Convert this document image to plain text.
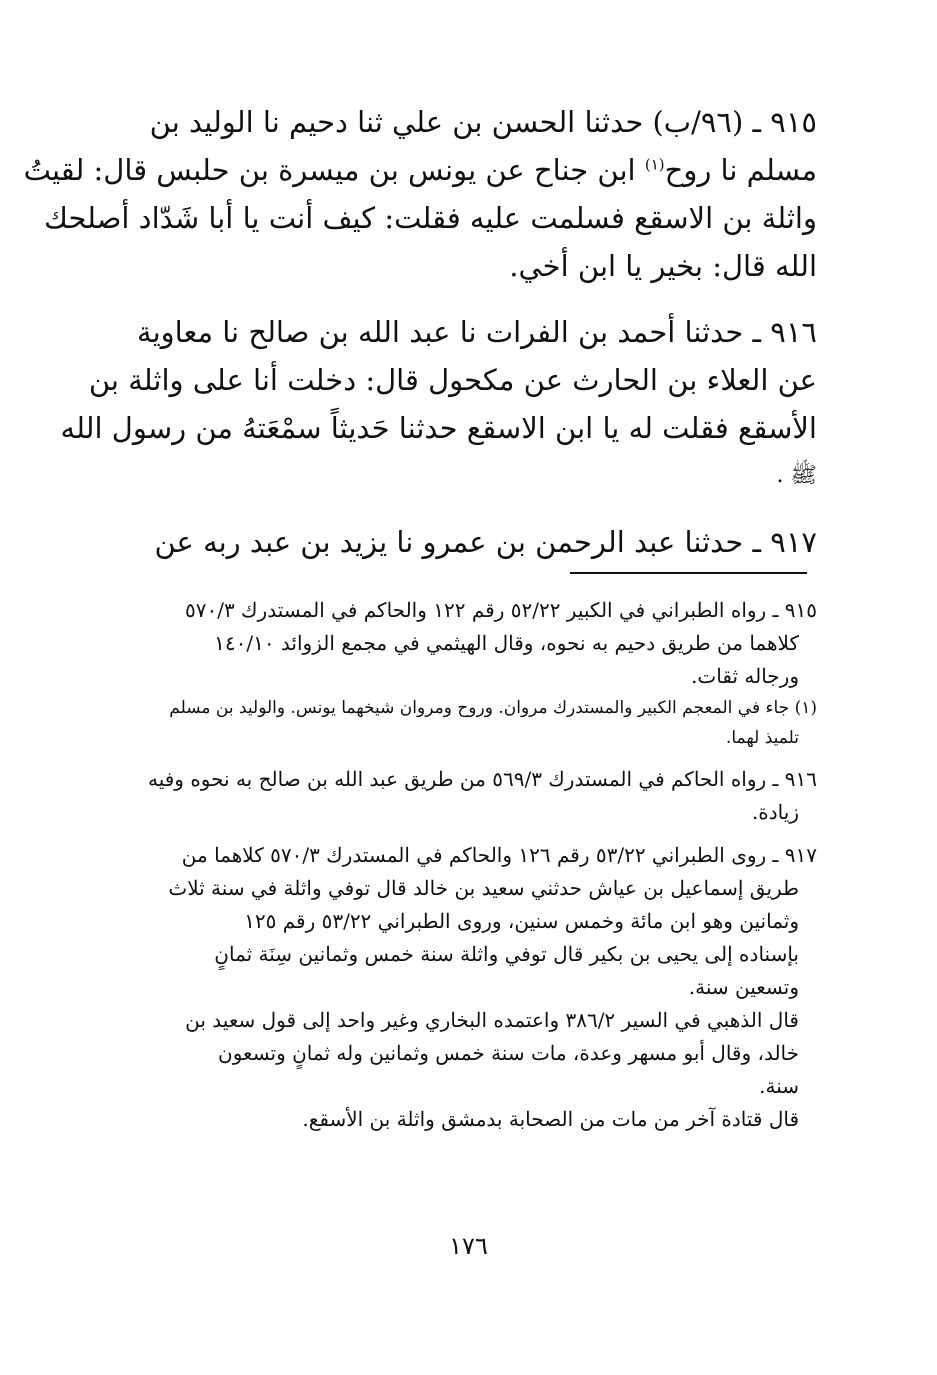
٩١٥ ـ (٩٦/ب) حدثنا الحسن بن علي ثنا دحيم نا الوليد بن
مسلم نا روح$^{(١)}$ ابن جناح عن يونس بن ميسرة بن حلبس قال: لقيتُ
واثلة بن الاسقع فسلمت عليه فقلت: كيف أنت يا أبا شَدّاد أصلحك
الله قال: بخير يا ابن أخي.
٩١٦ ـ حدثنا أحمد بن الفرات نا عبد الله بن صالح نا معاوية
عن العلاء بن الحارث عن مكحول قال: دخلت أنا على واثلة بن
الأسقع فقلت له يا ابن الاسقع حدثنا حَديثاً سمْعَتهُ من رسول الله
ﷺ .
٩١٧ ـ حدثنا عبد الرحمن بن عمرو نا يزيد بن عبد ربه عن
٩١٥ ـ رواه الطبراني في الكبير ٥٢/٢٢ رقم ١٢٢ والحاكم في المستدرك ٥٧٠/٣
كلاهما من طريق دحيم به نحوه، وقال الهيثمي في مجمع الزوائد ١٤٠/١٠
ورجاله ثقات.
(١) جاء في المعجم الكبير والمستدرك مروان. وروح ومروان شيخهما يونس. والوليد بن مسلم
تلميذ لهما.
٩١٦ ـ رواه الحاكم في المستدرك ٥٦٩/٣ من طريق عبد الله بن صالح به نحوه وفيه
زيادة.
٩١٧ ـ روى الطبراني ٥٣/٢٢ رقم ١٢٦ والحاكم في المستدرك ٥٧٠/٣ كلاهما من
طريق إسماعيل بن عياش حدثني سعيد بن خالد قال توفي واثلة في سنة ثلاث
وثمانين وهو ابن مائة وخمس سنين، وروى الطبراني ٥٣/٢٢ رقم ١٢٥
بإسناده إلى يحيى بن بكير قال توفي واثلة سنة خمس وثمانين سِنَة ثمانٍ
وتسعين سنة.
قال الذهبي في السير ٣٨٦/٢ واعتمده البخاري وغير واحد إلى قول سعيد بن
خالد، وقال أبو مسهر وعدة، مات سنة خمس وثمانين وله ثمانٍ وتسعون
سنة.
قال قتادة آخر من مات من الصحابة بدمشق واثلة بن الأسقع.
١٧٦
